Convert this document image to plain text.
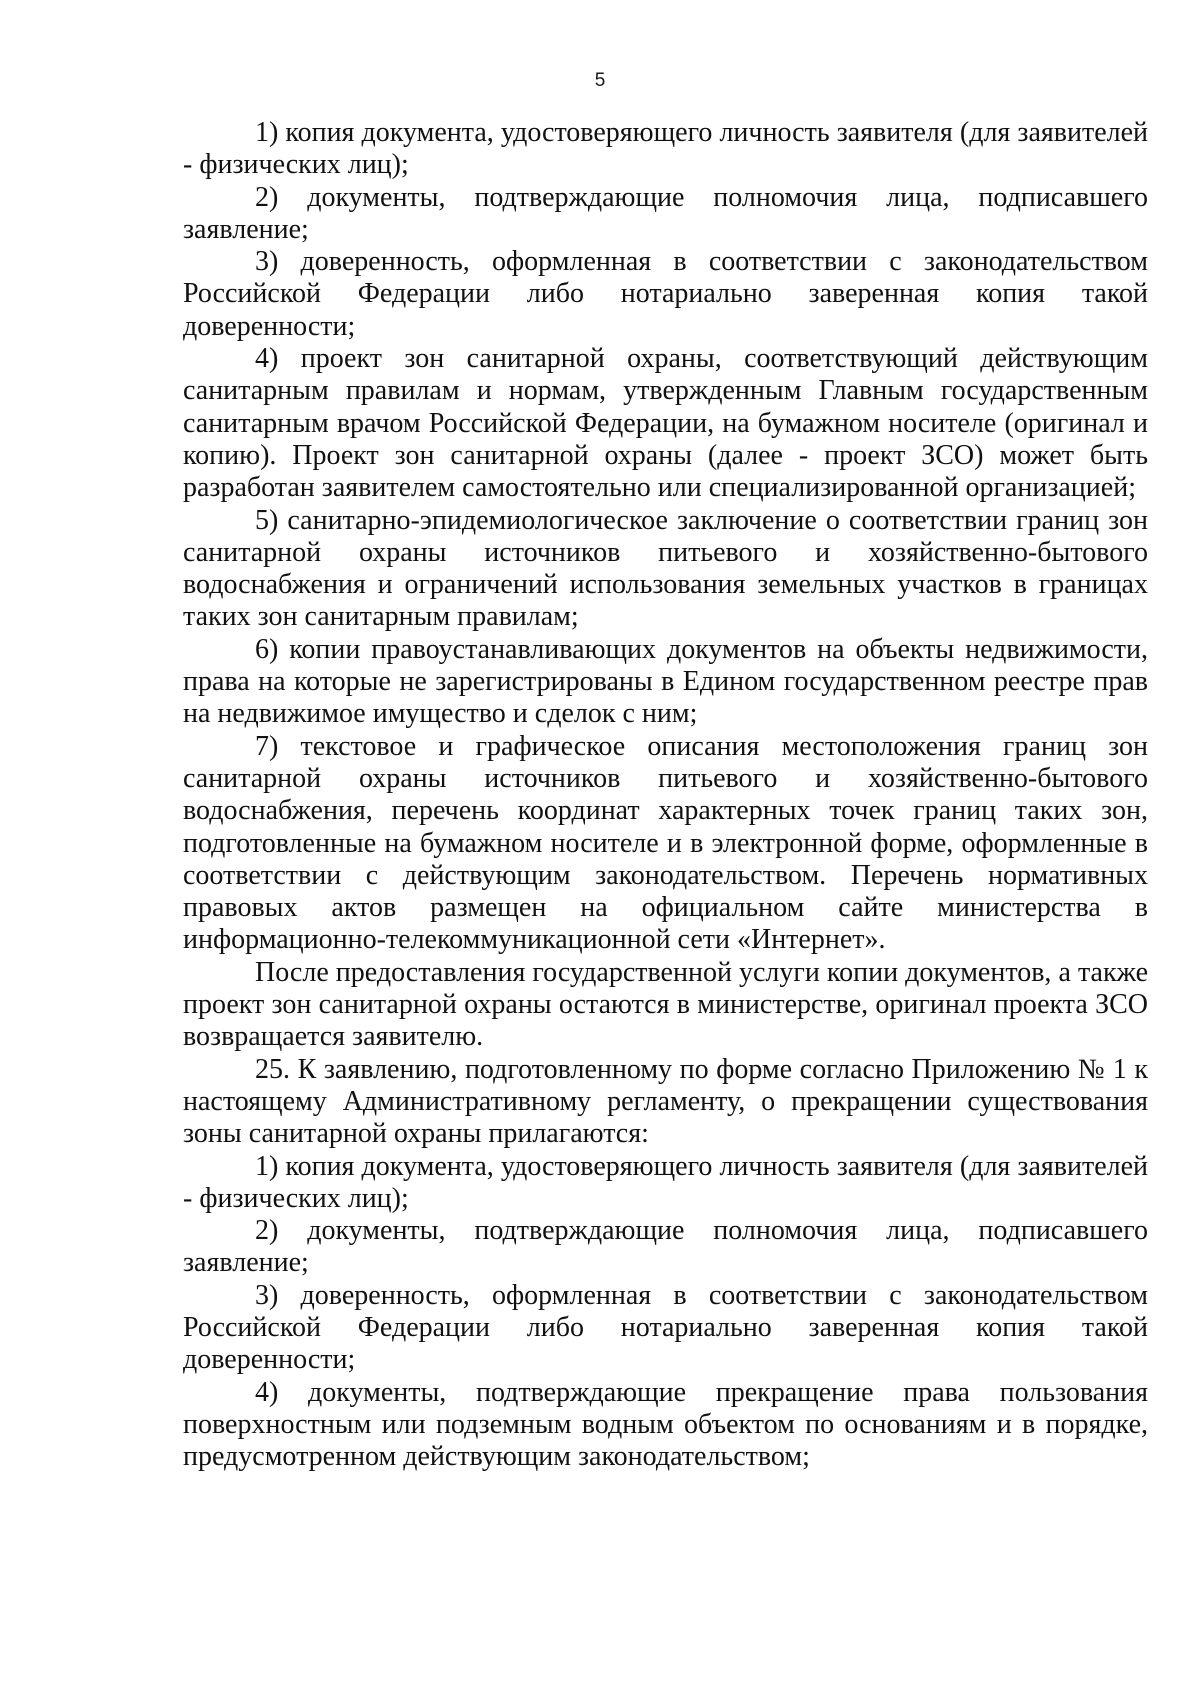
5

1) копия документа, удостоверяющего личность заявителя (для заявителей - физических лиц);

2) документы, подтверждающие полномочия лица, подписавшего заявление;

3) доверенность, оформленная в соответствии с законодательством Российской Федерации либо нотариально заверенная копия такой доверенности;

4) проект зон санитарной охраны, соответствующий действующим санитарным правилам и нормам, утвержденным Главным государственным санитарным врачом Российской Федерации, на бумажном носителе (оригинал и копию). Проект зон санитарной охраны (далее - проект ЗСО) может быть разработан заявителем самостоятельно или специализированной организацией;

5) санитарно-эпидемиологическое заключение о соответствии границ зон санитарной охраны источников питьевого и хозяйственно-бытового водоснабжения и ограничений использования земельных участков в границах таких зон санитарным правилам;

6) копии правоустанавливающих документов на объекты недвижимости, права на которые не зарегистрированы в Едином государственном реестре прав на недвижимое имущество и сделок с ним;

7) текстовое и графическое описания местоположения границ зон санитарной охраны источников питьевого и хозяйственно-бытового водоснабжения, перечень координат характерных точек границ таких зон, подготовленные на бумажном носителе и в электронной форме, оформленные в соответствии с действующим законодательством. Перечень нормативных правовых актов размещен на официальном сайте министерства в информационно-телекоммуникационной сети «Интернет».

После предоставления государственной услуги копии документов, а также проект зон санитарной охраны остаются в министерстве, оригинал проекта ЗСО возвращается заявителю.

25. К заявлению, подготовленному по форме согласно Приложению № 1 к настоящему Административному регламенту, о прекращении существования зоны санитарной охраны прилагаются:

1) копия документа, удостоверяющего личность заявителя (для заявителей - физических лиц);

2) документы, подтверждающие полномочия лица, подписавшего заявление;

3) доверенность, оформленная в соответствии с законодательством Российской Федерации либо нотариально заверенная копия такой доверенности;

4) документы, подтверждающие прекращение права пользования поверхностным или подземным водным объектом по основаниям и в порядке, предусмотренном действующим законодательством;
